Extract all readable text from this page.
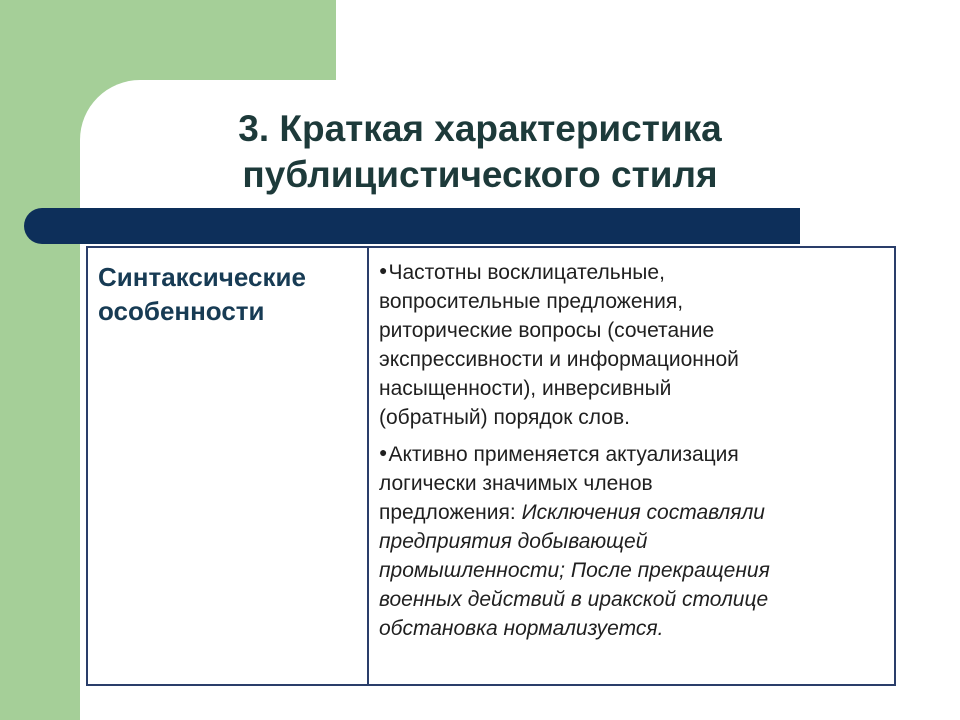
3. Краткая характеристика
публицистического стиля

Синтаксические
особенности

●Частотны восклицательные,
вопросительные предложения,
риторические вопросы (сочетание
экспрессивности и информационной
насыщенности), инверсивный
(обратный) порядок слов.
●Активно применяется актуализация
логически значимых членов
предложения: Исключения составляли
предприятия добывающей
промышленности; После прекращения
военных действий в иракской столице
обстановка нормализуется.
